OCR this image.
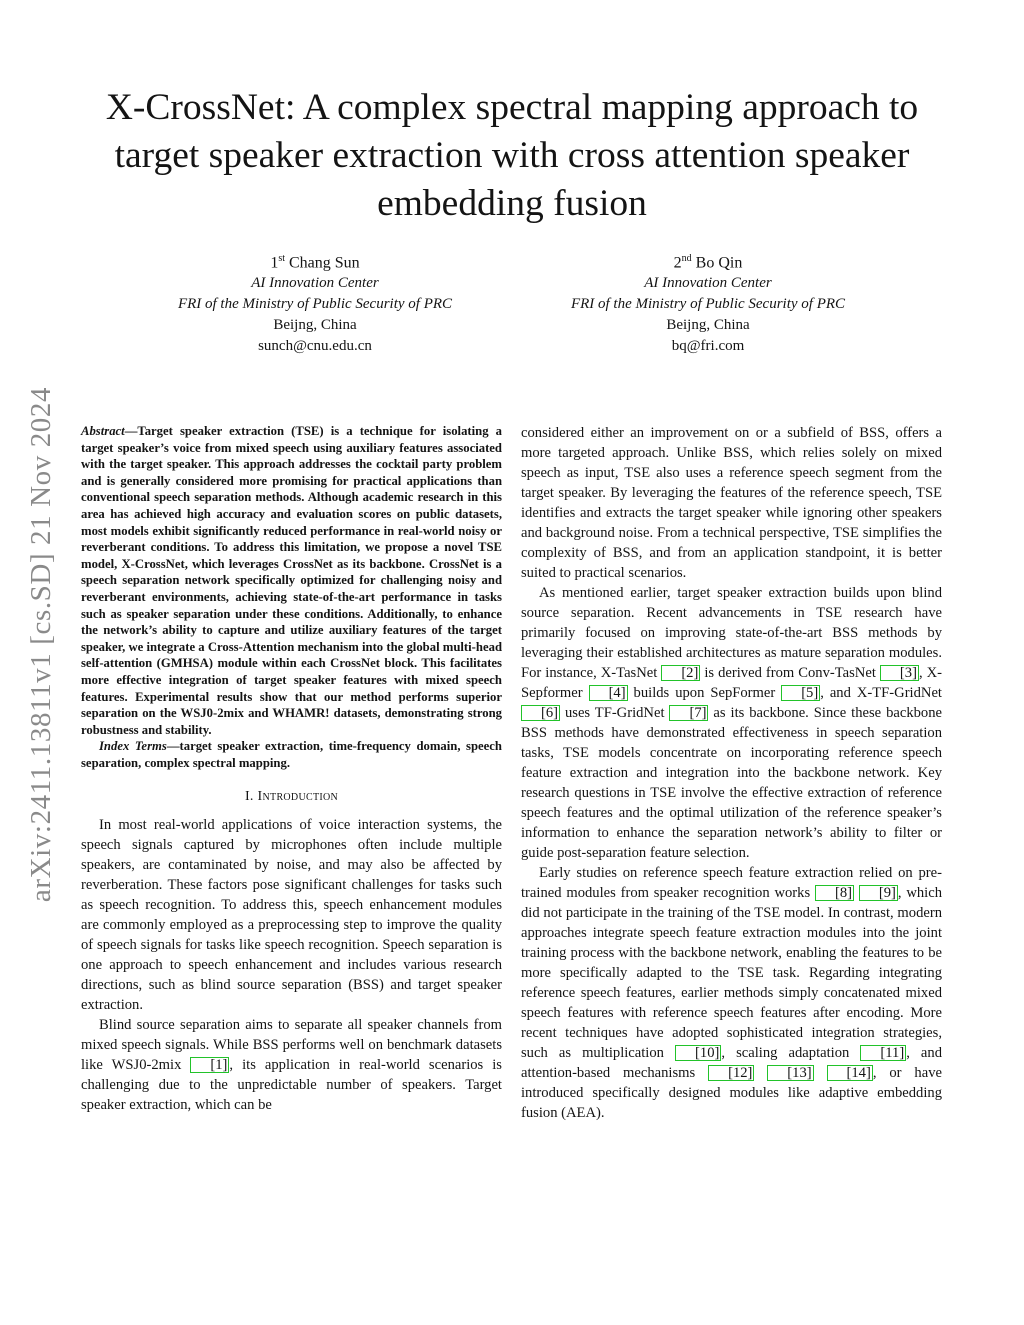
arXiv:2411.13811v1 [cs.SD] 21 Nov 2024
X-CrossNet: A complex spectral mapping approach to target speaker extraction with cross attention speaker embedding fusion
1st Chang Sun
AI Innovation Center
FRI of the Ministry of Public Security of PRC
Beijng, China
sunch@cnu.edu.cn
2nd Bo Qin
AI Innovation Center
FRI of the Ministry of Public Security of PRC
Beijng, China
bq@fri.com

Abstract—Target speaker extraction (TSE) is a technique for isolating a target speaker’s voice from mixed speech using auxiliary features associated with the target speaker. This approach addresses the cocktail party problem and is generally considered more promising for practical applications than conventional speech separation methods. Although academic research in this area has achieved high accuracy and evaluation scores on public datasets, most models exhibit significantly reduced performance in real-world noisy or reverberant conditions. To address this limitation, we propose a novel TSE model, X-CrossNet, which leverages CrossNet as its backbone. CrossNet is a speech separation network specifically optimized for challenging noisy and reverberant environments, achieving state-of-the-art performance in tasks such as speaker separation under these conditions. Additionally, to enhance the network’s ability to capture and utilize auxiliary features of the target speaker, we integrate a Cross-Attention mechanism into the global multi-head self-attention (GMHSA) module within each CrossNet block. This facilitates more effective integration of target speaker features with mixed speech features. Experimental results show that our method performs superior separation on the WSJ0-2mix and WHAMR! datasets, demonstrating strong robustness and stability.

Index Terms—target speaker extraction, time-frequency domain, speech separation, complex spectral mapping.

I. Introduction

In most real-world applications of voice interaction systems, the speech signals captured by microphones often include multiple speakers, are contaminated by noise, and may also be affected by reverberation. These factors pose significant challenges for tasks such as speech recognition. To address this, speech enhancement modules are commonly employed as a preprocessing step to improve the quality of speech signals for tasks like speech recognition. Speech separation is one approach to speech enhancement and includes various research directions, such as blind source separation (BSS) and target speaker extraction.

Blind source separation aims to separate all speaker channels from mixed speech signals. While BSS performs well on benchmark datasets like WSJ0-2mix [1] , its application in real-world scenarios is challenging due to the unpredictable number of speakers. Target speaker extraction, which can be

considered either an improvement on or a subfield of BSS, offers a more targeted approach. Unlike BSS, which relies solely on mixed speech as input, TSE also uses a reference speech segment from the target speaker. By leveraging the features of the reference speech, TSE identifies and extracts the target speaker while ignoring other speakers and background noise. From a technical perspective, TSE simplifies the complexity of BSS, and from an application standpoint, it is better suited to practical scenarios.

As mentioned earlier, target speaker extraction builds upon blind source separation. Recent advancements in TSE research have primarily focused on improving state-of-the-art BSS methods by leveraging their established architectures as mature separation modules. For instance, X-TasNet [2] is derived from Conv-TasNet [3] , X-Sepformer [4] builds upon SepFormer [5] , and X-TF-GridNet [6] uses TF-GridNet [7] as its backbone. Since these backbone BSS methods have demonstrated effectiveness in speech separation tasks, TSE models concentrate on incorporating reference speech feature extraction and integration into the backbone network. Key research questions in TSE involve the effective extraction of reference speech features and the optimal utilization of the reference speaker’s information to enhance the separation network’s ability to filter or guide post-separation feature selection.

Early studies on reference speech feature extraction relied on pre-trained modules from speaker recognition works [8] [9] , which did not participate in the training of the TSE model. In contrast, modern approaches integrate speech feature extraction modules into the joint training process with the backbone network, enabling the features to be more specifically adapted to the TSE task. Regarding integrating reference speech features, earlier methods simply concatenated mixed speech features with reference speech features after encoding. More recent techniques have adopted sophisticated integration strategies, such as multiplication [10] , scaling adaptation [11] , and attention-based mechanisms [12] [13] [14] , or have introduced specifically designed modules like adaptive embedding fusion (AEA).
